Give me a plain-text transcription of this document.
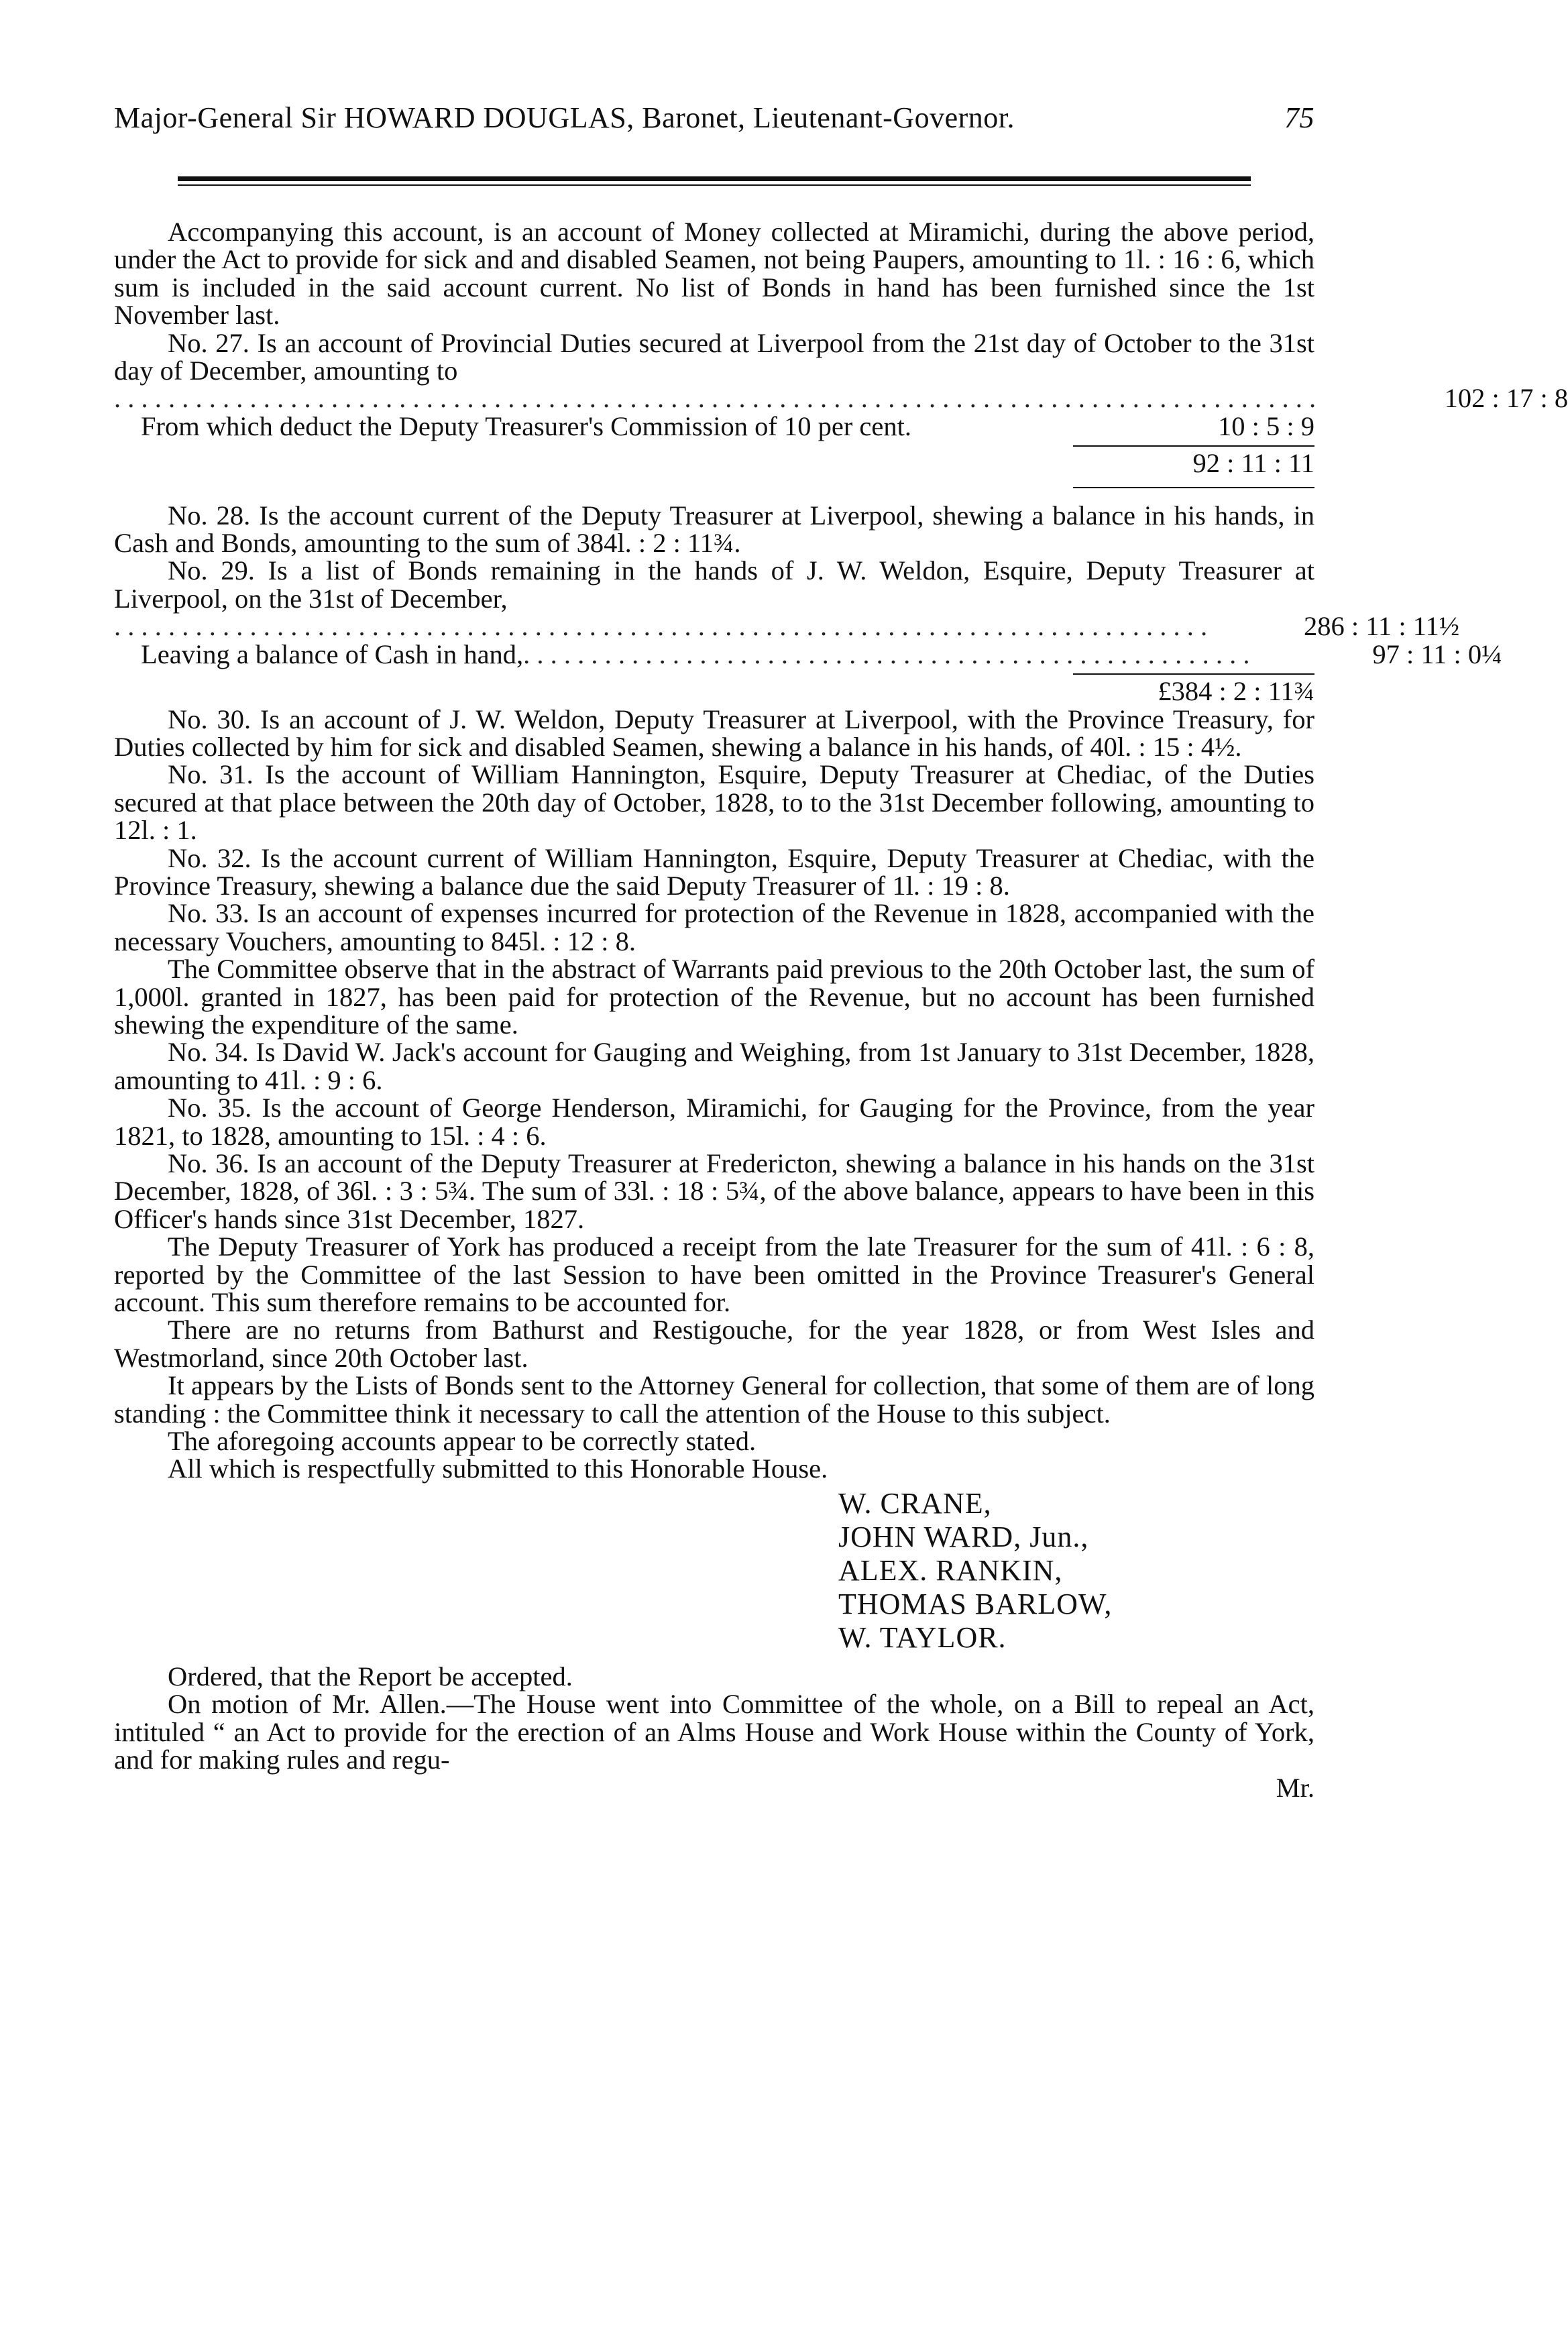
Major-General Sir HOWARD DOUGLAS, Baronet, Lieutenant-Governor.	75

Accompanying this account, is an account of Money collected at Miramichi, during the above period, under the Act to provide for sick and and disabled Seamen, not being Paupers, amounting to 1l. : 16 : 6, which sum is included in the said account current. No list of Bonds in hand has been furnished since the 1st November last.

No. 27. Is an account of Provincial Duties secured at Liverpool from the 21st day of October to the 31st day of December, amounting to
. . . . . . . . . . . . . . . . . . . . . . . . . . . . . . . . . . . . . . . . . . . . . . . . . . . . . . . . . . . . . . . . . . . . . . . . . . . . . . . . . . . . . . . . .	102 : 17 : 8
From which deduct the Deputy Treasurer's Commission of 10 per cent.	10 : 5 : 9

92 : 11 : 11

No. 28. Is the account current of the Deputy Treasurer at Liverpool, shewing a balance in his hands, in Cash and Bonds, amounting to the sum of 384l. : 2 : 11¾.

No. 29. Is a list of Bonds remaining in the hands of J. W. Weldon, Esquire, Deputy Treasurer at Liverpool, on the 31st of December,

. . . . . . . . . . . . . . . . . . . . . . . . . . . . . . . . . . . . . . . . . . . . . . . . . . . . . . . . . . . . . . . . . . . . . . . . . . . . . . . . .	286 : 11 : 11½
Leaving a balance of Cash in hand, . . . . . . . . . . . . . . . . . . . . . . . . . . . . . . . . . . . . . . . . . . . . . . . . . . . . . .	97 : 11 : 0¼

£384 : 2 : 11¾

No. 30. Is an account of J. W. Weldon, Deputy Treasurer at Liverpool, with the Province Treasury, for Duties collected by him for sick and disabled Seamen, shewing a balance in his hands, of 40l. : 15 : 4½.

No. 31. Is the account of William Hannington, Esquire, Deputy Treasurer at Chediac, of the Duties secured at that place between the 20th day of October, 1828, to to the 31st December following, amounting to 12l. : 1.

No. 32. Is the account current of William Hannington, Esquire, Deputy Treasurer at Chediac, with the Province Treasury, shewing a balance due the said Deputy Treasurer of 1l. : 19 : 8.

No. 33. Is an account of expenses incurred for protection of the Revenue in 1828, accompanied with the necessary Vouchers, amounting to 845l. : 12 : 8.

The Committee observe that in the abstract of Warrants paid previous to the 20th October last, the sum of 1,000l. granted in 1827, has been paid for protection of the Revenue, but no account has been furnished shewing the expenditure of the same.

No. 34. Is David W. Jack's account for Gauging and Weighing, from 1st January to 31st December, 1828, amounting to 41l. : 9 : 6.

No. 35. Is the account of George Henderson, Miramichi, for Gauging for the Province, from the year 1821, to 1828, amounting to 15l. : 4 : 6.

No. 36. Is an account of the Deputy Treasurer at Fredericton, shewing a balance in his hands on the 31st December, 1828, of 36l. : 3 : 5¾. The sum of 33l. : 18 : 5¾, of the above balance, appears to have been in this Officer's hands since 31st December, 1827.

The Deputy Treasurer of York has produced a receipt from the late Treasurer for the sum of 41l. : 6 : 8, reported by the Committee of the last Session to have been omitted in the Province Treasurer's General account. This sum therefore remains to be accounted for.

There are no returns from Bathurst and Restigouche, for the year 1828, or from West Isles and Westmorland, since 20th October last.

It appears by the Lists of Bonds sent to the Attorney General for collection, that some of them are of long standing : the Committee think it necessary to call the attention of the House to this subject.

The aforegoing accounts appear to be correctly stated.

All which is respectfully submitted to this Honorable House.

W. CRANE,
JOHN WARD, Jun.,
ALEX. RANKIN,
THOMAS BARLOW,
W. TAYLOR.

Ordered, that the Report be accepted.

On motion of Mr. Allen.—The House went into Committee of the whole, on a Bill to repeal an Act, intituled “ an Act to provide for the erection of an Alms House and Work House within the County of York, and for making rules and regu-

Mr.
